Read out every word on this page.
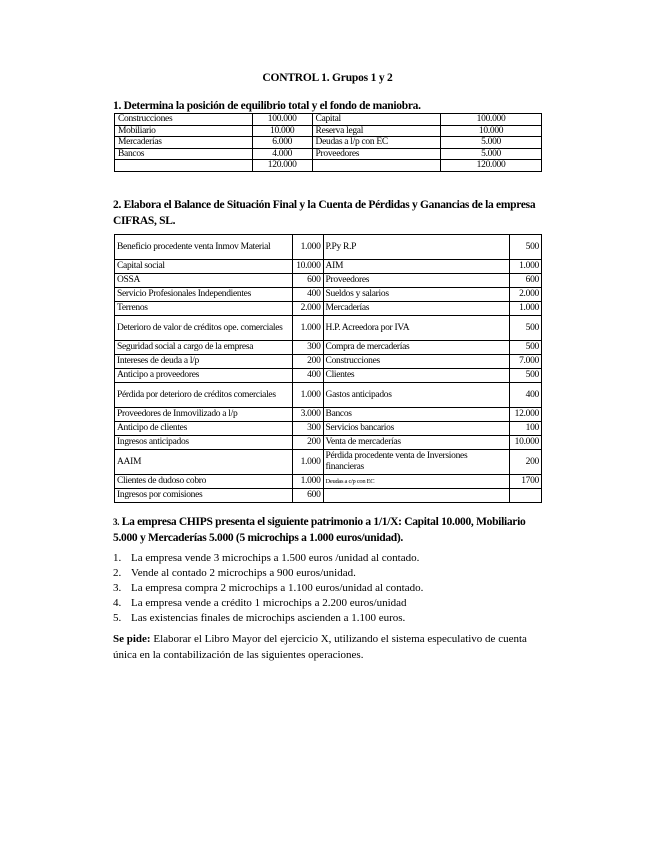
CONTROL 1. Grupos 1 y 2
1. Determina la posición de equilibrio total y el fondo de maniobra.
Construcciones	100.000	Capital	100.000
Mobiliario	10.000	Reserva legal	10.000
Mercaderías	6.000	Deudas a l/p con EC	5.000
Bancos	4.000	Proveedores	5.000
	120.000		120.000
2. Elabora el Balance de Situación Final y la Cuenta de Pérdidas y Ganancias de la empresa CIFRAS, SL.
Beneficio procedente venta Inmov Material	1.000	P.Py R.P	500
Capital social	10.000	AIM	1.000
OSSA	600	Proveedores	600
Servicio Profesionales Independientes	400	Sueldos y salarios	2.000
Terrenos	2.000	Mercaderías	1.000
Deterioro de valor de créditos ope. comerciales	1.000	H.P. Acreedora por IVA	500
Seguridad social a cargo de la empresa	300	Compra de mercaderías	500
Intereses de deuda a l/p	200	Construcciones	7.000
Anticipo a proveedores	400	Clientes	500
Pérdida por deterioro de créditos comerciales	1.000	Gastos anticipados	400
Proveedores de Inmovilizado a l/p	3.000	Bancos	12.000
Anticipo de clientes	300	Servicios bancarios	100
Ingresos anticipados	200	Venta de mercaderías	10.000
AAIM	1.000	Pérdida procedente venta de Inversiones financieras	200
Clientes de dudoso cobro	1.000	Deudas a c/p con EC	1700
Ingresos por comisiones	600		
3. La empresa CHIPS presenta el siguiente patrimonio a 1/1/X: Capital 10.000, Mobiliario 5.000 y Mercaderías 5.000 (5 microchips a 1.000 euros/unidad).
1. La empresa vende 3 microchips a 1.500 euros /unidad al contado.
2. Vende al contado 2 microchips a 900 euros/unidad.
3. La empresa compra 2 microchips a 1.100 euros/unidad al contado.
4. La empresa vende a crédito 1 microchips a 2.200 euros/unidad
5. Las existencias finales de microchips ascienden a 1.100 euros.
Se pide: Elaborar el Libro Mayor del ejercicio X, utilizando el sistema especulativo de cuenta única en la contabilización de las siguientes operaciones.
